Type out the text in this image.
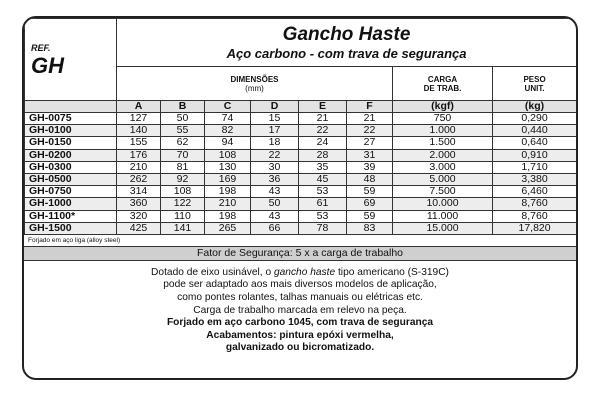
REF.
GH	Gancho Haste
Aço carbono - com trava de segurança							

	DIMENSÕES
(mm)						CARGA
DE TRAB.	PESO
UNIT.
	A	B	C	D	E	F	(kgf)	(kg)
GH-0075	127	50	74	15	21	21	750	0,290
GH-0100	140	55	82	17	22	22	1.000	0,440
GH-0150	155	62	94	18	24	27	1.500	0,640
GH-0200	176	70	108	22	28	31	2.000	0,910
GH-0300	210	81	130	30	35	39	3.000	1,710
GH-0500	262	92	169	36	45	48	5.000	3,380
GH-0750	314	108	198	43	53	59	7.500	6,460
GH-1000	360	122	210	50	61	69	10.000	8,760
GH-1100*	320	110	198	43	53	59	11.000	8,760
GH-1500	425	141	265	66	78	83	15.000	17,820
Forjado em aço liga (alloy steel)
Fator de Segurança: 5 x a carga de trabalho

Dotado de eixo usinável, o gancho haste tipo americano (S-319C)

pode ser adaptado aos mais diversos modelos de aplicação,

como pontes rolantes, talhas manuais ou elétricas etc.

Carga de trabalho marcada em relevo na peça.

Forjado em aço carbono 1045, com trava de segurança

Acabamentos: pintura epóxi vermelha,

galvanizado ou bicromatizado.
